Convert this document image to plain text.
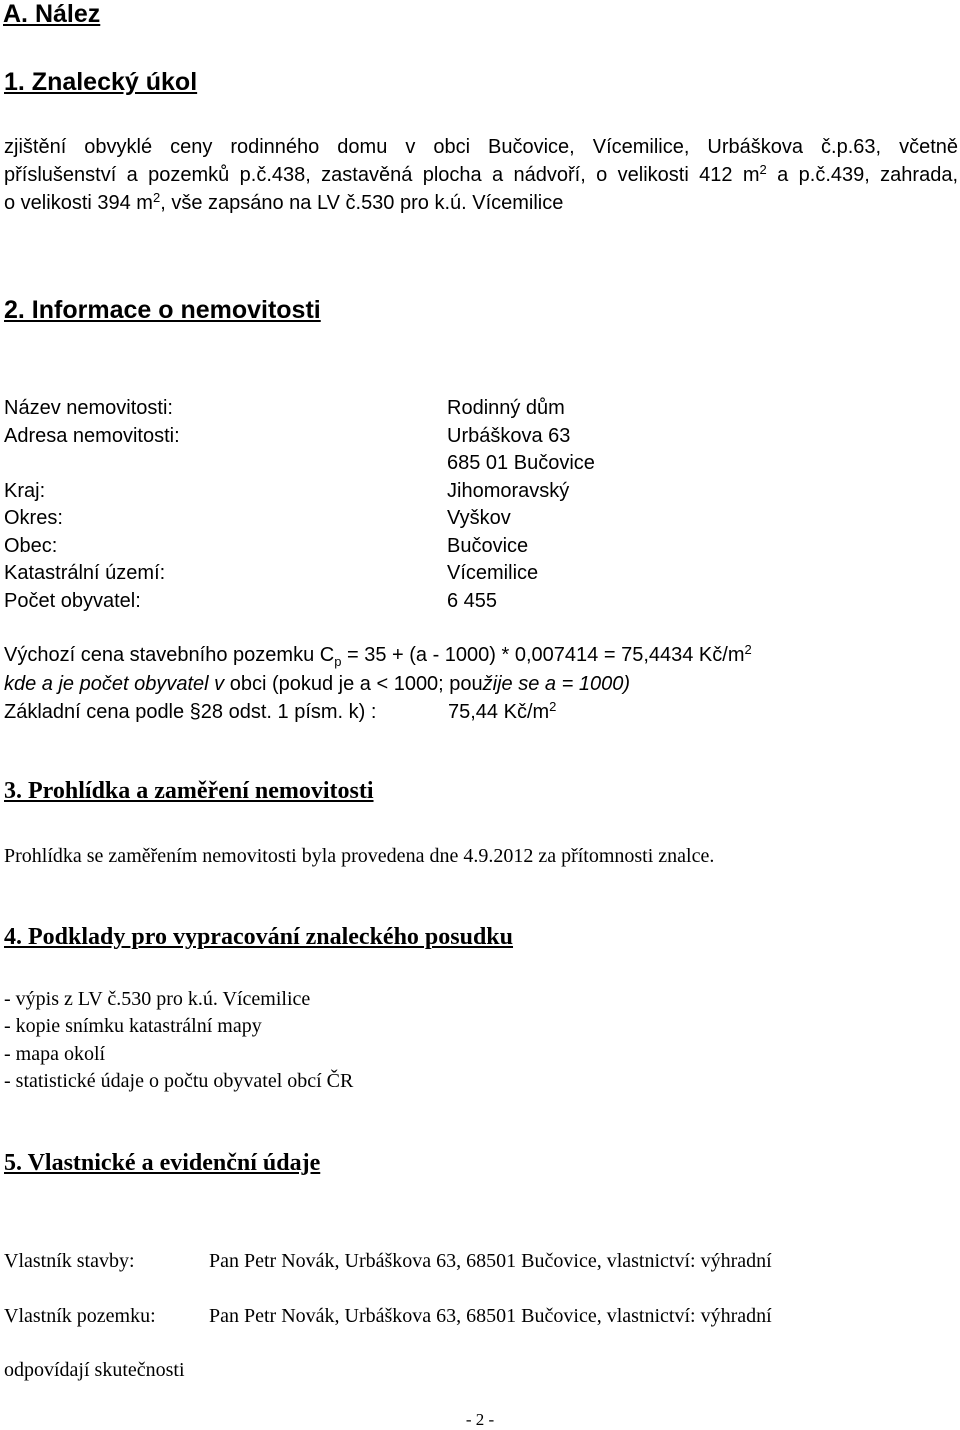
A. Nález
1. Znalecký úkol
zjištění obvyklé ceny rodinného domu v obci Bučovice, Vícemilice, Urbáškova č.p.63, včetně
příslušenství a pozemků p.č.438, zastavěná plocha a nádvoří, o velikosti 412 $m^2$ a p.č.439, zahrada,
o velikosti 394 $m^2$, vše zapsáno na LV č.530 pro k.ú. Vícemilice
2. Informace o nemovitosti
Název nemovitosti:	Rodinný dům
Adresa nemovitosti:	Urbáškova 63
685 01 Bučovice
Kraj:	Jihomoravský
Okres:	Vyškov
Obec:	Bučovice
Katastrální území:	Vícemilice
Počet obyvatel:	6 455
Výchozí cena stavebního pozemku $C_p = 35 + (a - 1000) * 0,007414 = 75,4434$ $Kč/m^2$
kde a je počet obyvatel v obci (pokud je a < 1000; použije se a = 1000)
Základní cena podle §28 odst. 1 písm. k) :	75,44 $Kč/m^2$
3. Prohlídka a zaměření nemovitosti
Prohlídka se zaměřením nemovitosti byla provedena dne 4.9.2012 za přítomnosti znalce.
4. Podklady pro vypracování znaleckého posudku
- výpis z LV č.530 pro k.ú. Vícemilice
- kopie snímku katastrální mapy
- mapa okolí
- statistické údaje o počtu obyvatel obcí ČR
5. Vlastnické a evidenční údaje
Vlastník stavby:	Pan Petr Novák, Urbáškova 63, 68501 Bučovice, vlastnictví: výhradní
Vlastník pozemku:	Pan Petr Novák, Urbáškova 63, 68501 Bučovice, vlastnictví: výhradní
odpovídají skutečnosti
- 2 -
